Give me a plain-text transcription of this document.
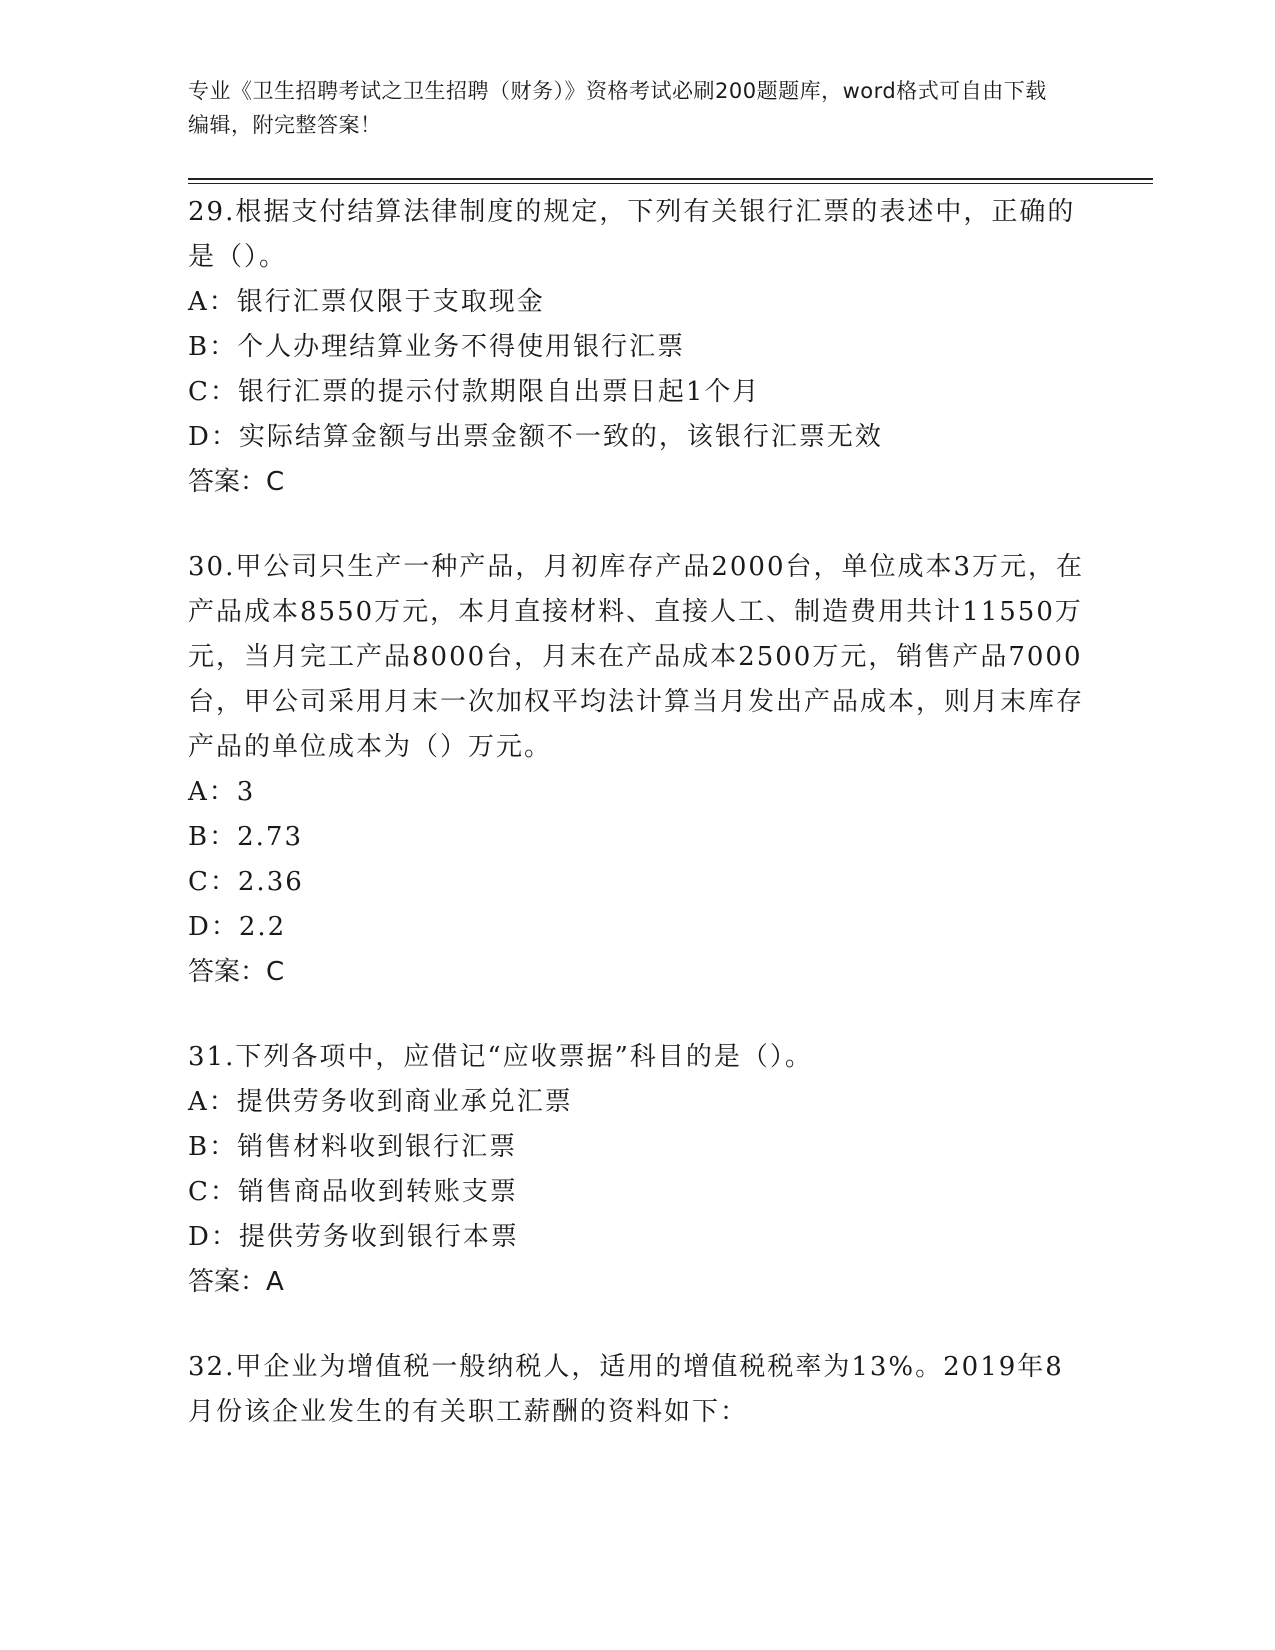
专业《卫生招聘考试之卫生招聘（财务）》资格考试必刷200题题库，word格式可自由下载编辑，附完整答案！

29.根据支付结算法律制度的规定，下列有关银行汇票的表述中，正确的是（）。

A：银行汇票仅限于支取现金

B：个人办理结算业务不得使用银行汇票

C：银行汇票的提示付款期限自出票日起1个月

D：实际结算金额与出票金额不一致的，该银行汇票无效

答案：C

30.甲公司只生产一种产品，月初库存产品2000台，单位成本3万元，在产品成本8550万元，本月直接材料、直接人工、制造费用共计11550万元，当月完工产品8000台，月末在产品成本2500万元，销售产品7000台，甲公司采用月末一次加权平均法计算当月发出产品成本，则月末库存产品的单位成本为（）万元。

A：3

B：2.73

C：2.36

D：2.2

答案：C

31.下列各项中，应借记“应收票据”科目的是（）。

A：提供劳务收到商业承兑汇票

B：销售材料收到银行汇票

C：销售商品收到转账支票

D：提供劳务收到银行本票

答案：A

32.甲企业为增值税一般纳税人，适用的增值税税率为13%。2019年8月份该企业发生的有关职工薪酬的资料如下：
